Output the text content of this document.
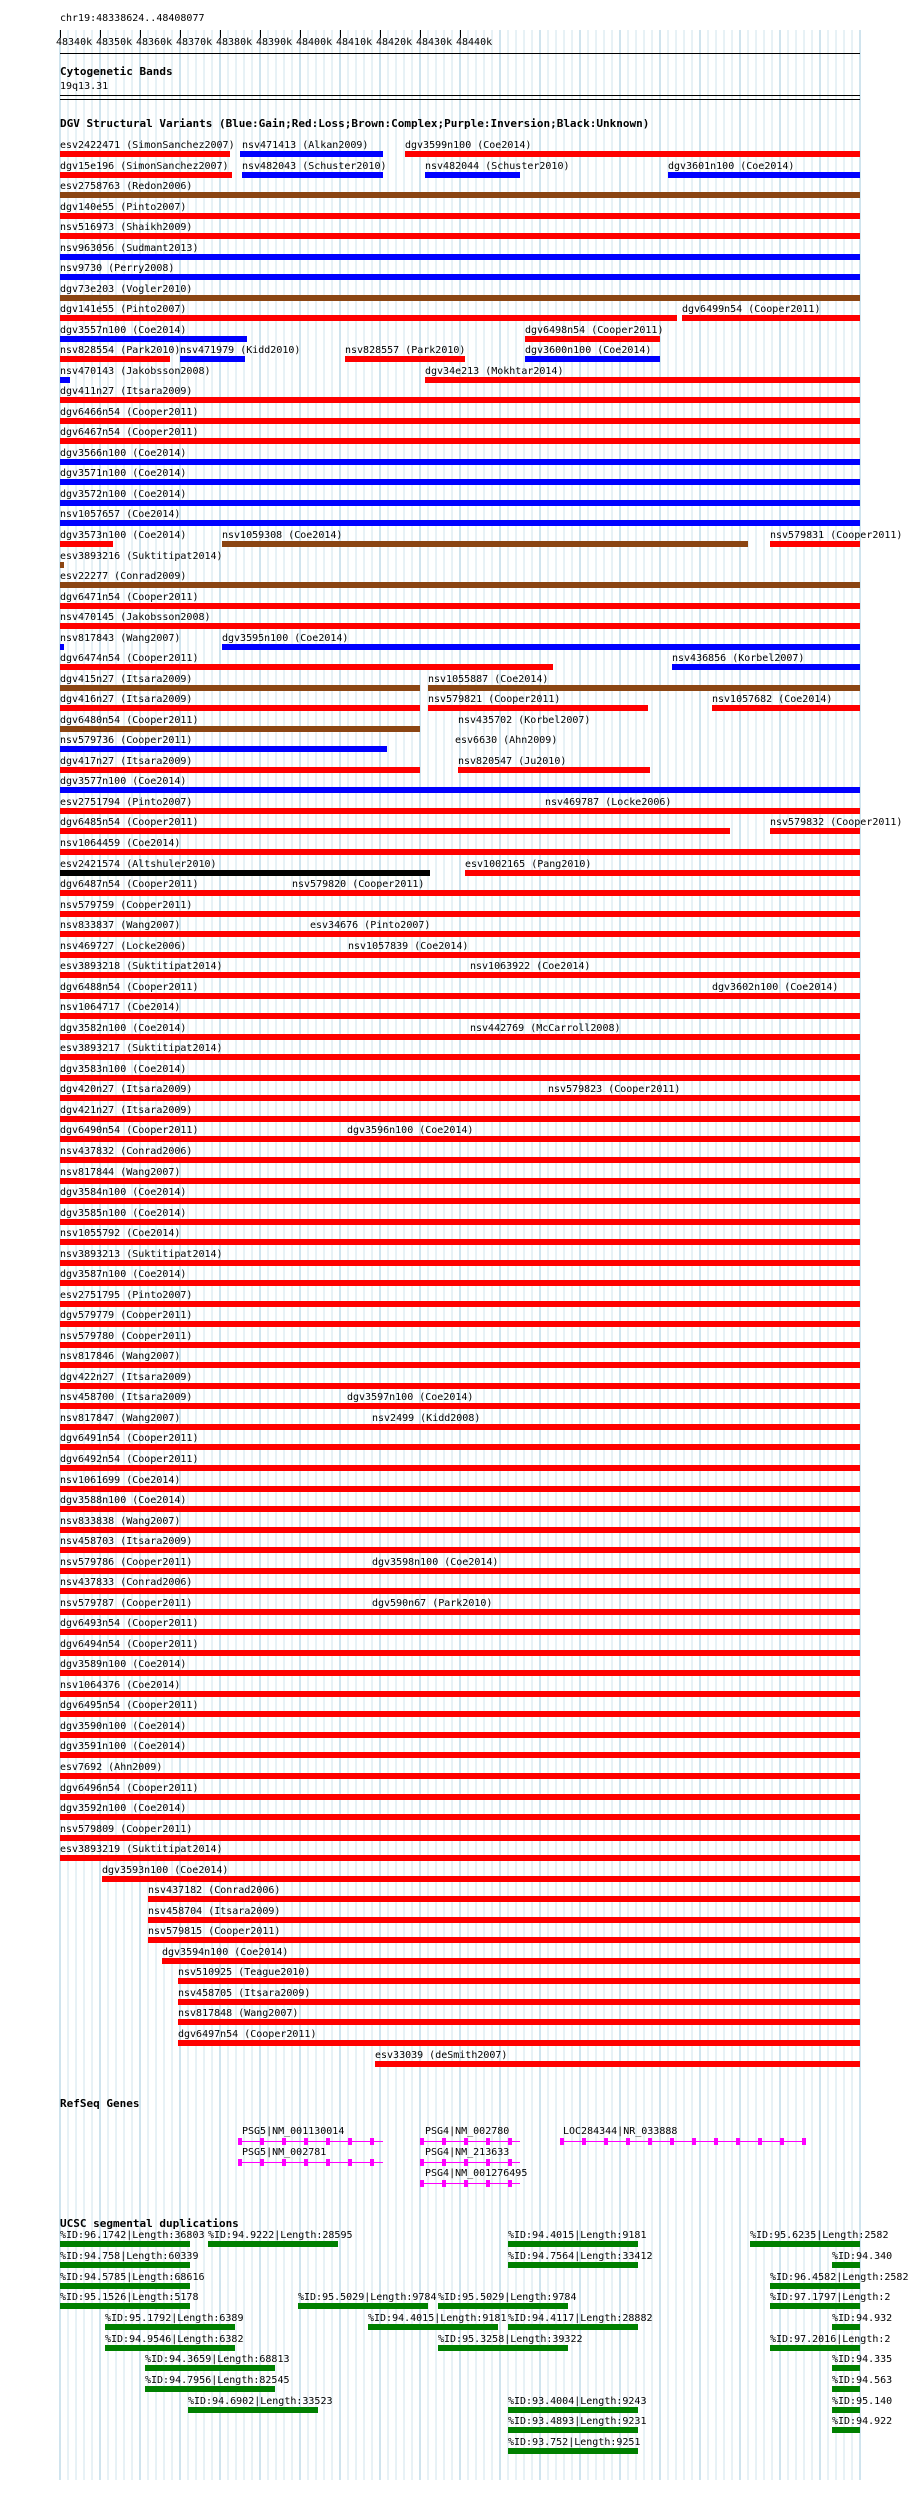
chr19:48338624..48408077
48340k 48350k 48360k 48370k 48380k 48390k 48400k 48410k 48420k 48430k 48440k
Cytogenetic Bands
19q13.31
DGV Structural Variants (Blue:Gain;Red:Loss;Brown:Complex;Purple:Inversion;Black:Unknown)
esv2422471 (SimonSanchez2007) nsv471413 (Alkan2009)	dgv3599n100 (Coe2014)
dgv15e196 (SimonSanchez2007) nsv482043 (Schuster2010)	nsv482044 (Schuster2010)	dgv3601n100 (Coe2014)
esv2758763 (Redon2006)
dgv140e55 (Pinto2007)
nsv516973 (Shaikh2009)
nsv963056 (Sudmant2013)
nsv9730 (Perry2008)
dgv73e203 (Vogler2010)
dgv141e55 (Pinto2007)	dgv6499n54 (Cooper2011)
dgv3557n100 (Coe2014)	dgv6498n54 (Cooper2011)
nsv828554 (Park2010) nsv471979 (Kidd2010)	nsv828557 (Park2010)	dgv3600n100 (Coe2014)
nsv470143 (Jakobsson2008)	dgv34e213 (Mokhtar2014)
dgv411n27 (Itsara2009)
dgv6466n54 (Cooper2011)
dgv6467n54 (Cooper2011)
dgv3566n100 (Coe2014)
dgv3571n100 (Coe2014)
dgv3572n100 (Coe2014)
nsv1057657 (Coe2014)
dgv3573n100 (Coe2014)	nsv1059308 (Coe2014)	nsv579831 (Cooper2011)
esv3893216 (Suktitipat2014)
esv22277 (Conrad2009)
dgv6471n54 (Cooper2011)
nsv470145 (Jakobsson2008)
nsv817843 (Wang2007)	dgv3595n100 (Coe2014)
dgv6474n54 (Cooper2011)	nsv436856 (Korbel2007)
dgv415n27 (Itsara2009)	nsv1055887 (Coe2014)
dgv416n27 (Itsara2009)	nsv579821 (Cooper2011)	nsv1057682 (Coe2014)
dgv6480n54 (Cooper2011)	nsv435702 (Korbel2007)
nsv579736 (Cooper2011)	esv6630 (Ahn2009)
dgv417n27 (Itsara2009)	nsv820547 (Ju2010)
dgv3577n100 (Coe2014)
esv2751794 (Pinto2007)	nsv469787 (Locke2006)
dgv6485n54 (Cooper2011)	nsv579832 (Cooper2011)
nsv1064459 (Coe2014)
esv2421574 (Altshuler2010)	esv1002165 (Pang2010)
dgv6487n54 (Cooper2011)	nsv579820 (Cooper2011)
nsv579759 (Cooper2011)
nsv833837 (Wang2007)	esv34676 (Pinto2007)
nsv469727 (Locke2006)	nsv1057839 (Coe2014)
esv3893218 (Suktitipat2014)	nsv1063922 (Coe2014)
dgv6488n54 (Cooper2011)	dgv3602n100 (Coe2014)
nsv1064717 (Coe2014)
dgv3582n100 (Coe2014)	nsv442769 (McCarroll2008)
esv3893217 (Suktitipat2014)
dgv3583n100 (Coe2014)
dgv420n27 (Itsara2009)	nsv579823 (Cooper2011)
dgv421n27 (Itsara2009)
dgv6490n54 (Cooper2011)	dgv3596n100 (Coe2014)
nsv437832 (Conrad2006)
nsv817844 (Wang2007)
dgv3584n100 (Coe2014)
dgv3585n100 (Coe2014)
nsv1055792 (Coe2014)
nsv3893213 (Suktitipat2014)
dgv3587n100 (Coe2014)
esv2751795 (Pinto2007)
dgv579779 (Cooper2011)
nsv579780 (Cooper2011)
nsv817846 (Wang2007)
dgv422n27 (Itsara2009)
nsv458700 (Itsara2009)	dgv3597n100 (Coe2014)
nsv817847 (Wang2007)	nsv2499 (Kidd2008)
dgv6491n54 (Cooper2011)
dgv6492n54 (Cooper2011)
nsv1061699 (Coe2014)
dgv3588n100 (Coe2014)
nsv833838 (Wang2007)
nsv458703 (Itsara2009)
nsv579786 (Cooper2011)	dgv3598n100 (Coe2014)
nsv437833 (Conrad2006)
nsv579787 (Cooper2011)	dgv590n67 (Park2010)
dgv6493n54 (Cooper2011)
dgv6494n54 (Cooper2011)
dgv3589n100 (Coe2014)
nsv1064376 (Coe2014)
dgv6495n54 (Cooper2011)
dgv3590n100 (Coe2014)
dgv3591n100 (Coe2014)
esv7692 (Ahn2009)
dgv6496n54 (Cooper2011)
dgv3592n100 (Coe2014)
nsv579809 (Cooper2011)
esv3893219 (Suktitipat2014)
dgv3593n100 (Coe2014)
nsv437182 (Conrad2006)
nsv458704 (Itsara2009)
nsv579815 (Cooper2011)
dgv3594n100 (Coe2014)
nsv510925 (Teague2010)
nsv458705 (Itsara2009)
nsv817848 (Wang2007)
dgv6497n54 (Cooper2011)
esv33039 (deSmith2007)
RefSeq Genes
PSG5|NM_001130014
PSG5|NM_002781
PSG4|NM_002780
PSG4|NM_213633
PSG4|NM_001276495
LOC284344|NR_033888
UCSC segmental duplications
%ID:96.1742|Length:36803 %ID:94.9222|Length:28595	%ID:94.4015|Length:9181	%ID:95.6235|Length:2582
%ID:94.758|Length:60339	%ID:94.7564|Length:33412	%ID:94.340
%ID:94.5785|Length:68616	%ID:96.4582|Length:2582
%ID:95.1526|Length:5178	%ID:95.5029|Length:9784 %ID:95.5029|Length:9784	%ID:97.1797|Length:2
%ID:95.1792|Length:6389	%ID:94.4015|Length:9181 %ID:94.4117|Length:28882	%ID:94.932
%ID:94.9546|Length:6382	%ID:95.3258|Length:39322	%ID:97.2016|Length:2
%ID:94.3659|Length:68813	%ID:94.335
%ID:94.7956|Length:82545	%ID:94.563
%ID:94.6902|Length:33523	%ID:93.4004|Length:9243	%ID:95.140
%ID:93.4893|Length:9231	%ID:94.922
%ID:93.752|Length:9251
